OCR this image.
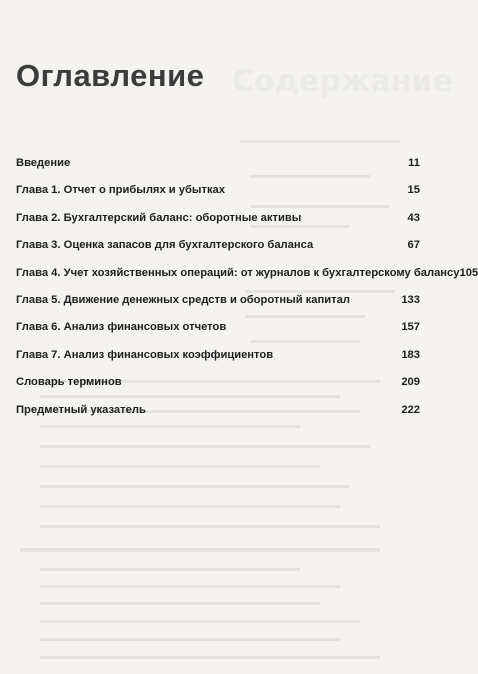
Содержание
Оглавление
Введение	11
Глава 1. Отчет о прибылях и убытках	15
Глава 2. Бухгалтерский баланс: оборотные активы	43
Глава 3. Оценка запасов для бухгалтерского баланса	67
Глава 4. Учет хозяйственных операций: от журналов к бухгалтерскому балансу 105
Глава 5. Движение денежных средств и оборотный капитал	133
Глава 6. Анализ финансовых отчетов	157
Глава 7. Анализ финансовых коэффициентов	183
Словарь терминов	209
Предметный указатель	222
